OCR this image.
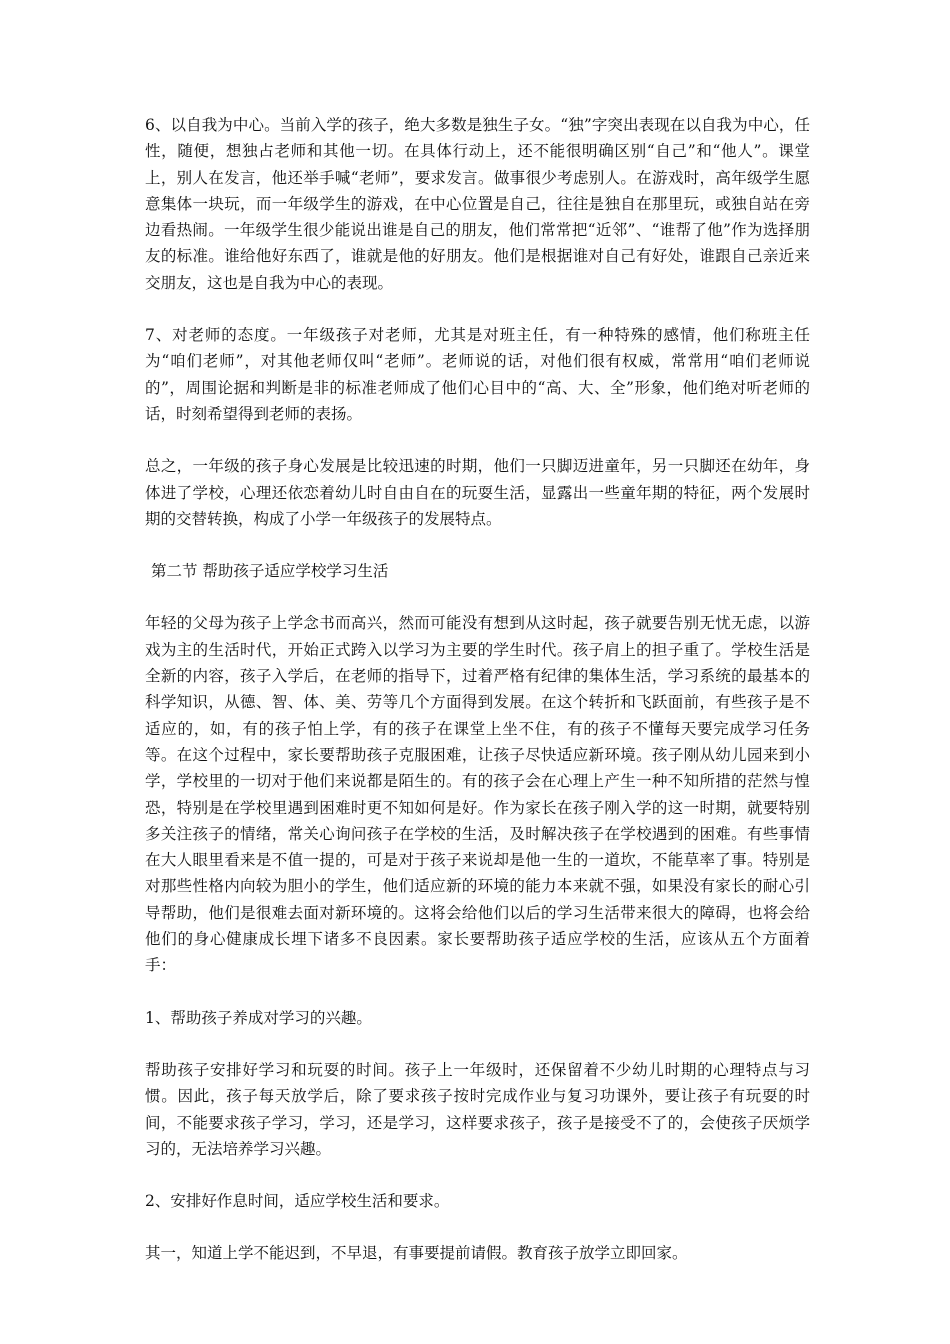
6、以自我为中心。当前入学的孩子，绝大多数是独生子女。“独”字突出表现在以自我为中心，任性，随便，想独占老师和其他一切。在具体行动上，还不能很明确区别“自己”和“他人”。课堂上，别人在发言，他还举手喊“老师”，要求发言。做事很少考虑别人。在游戏时，高年级学生愿意集体一块玩，而一年级学生的游戏，在中心位置是自己，往往是独自在那里玩，或独自站在旁边看热闹。一年级学生很少能说出谁是自己的朋友，他们常常把“近邻”、“谁帮了他”作为选择朋友的标准。谁给他好东西了，谁就是他的好朋友。他们是根据谁对自己有好处，谁跟自己亲近来交朋友，这也是自我为中心的表现。

7、对老师的态度。一年级孩子对老师，尤其是对班主任，有一种特殊的感情，他们称班主任为“咱们老师”，对其他老师仅叫“老师”。老师说的话，对他们很有权威，常常用“咱们老师说的”，周围论据和判断是非的标准老师成了他们心目中的“高、大、全”形象，他们绝对听老师的话，时刻希望得到老师的表扬。

总之，一年级的孩子身心发展是比较迅速的时期，他们一只脚迈进童年，另一只脚还在幼年，身体进了学校，心理还依恋着幼儿时自由自在的玩耍生活，显露出一些童年期的特征，两个发展时期的交替转换，构成了小学一年级孩子的发展特点。

第二节 帮助孩子适应学校学习生活

年轻的父母为孩子上学念书而高兴，然而可能没有想到从这时起，孩子就要告别无忧无虑，以游戏为主的生活时代，开始正式跨入以学习为主要的学生时代。孩子肩上的担子重了。学校生活是全新的内容，孩子入学后，在老师的指导下，过着严格有纪律的集体生活，学习系统的最基本的科学知识，从德、智、体、美、劳等几个方面得到发展。在这个转折和飞跃面前，有些孩子是不适应的，如，有的孩子怕上学，有的孩子在课堂上坐不住，有的孩子不懂每天要完成学习任务等。在这个过程中，家长要帮助孩子克服困难，让孩子尽快适应新环境。孩子刚从幼儿园来到小学，学校里的一切对于他们来说都是陌生的。有的孩子会在心理上产生一种不知所措的茫然与惶恐，特别是在学校里遇到困难时更不知如何是好。作为家长在孩子刚入学的这一时期，就要特别多关注孩子的情绪，常关心询问孩子在学校的生活，及时解决孩子在学校遇到的困难。有些事情在大人眼里看来是不值一提的，可是对于孩子来说却是他一生的一道坎，不能草率了事。特别是对那些性格内向较为胆小的学生，他们适应新的环境的能力本来就不强，如果没有家长的耐心引导帮助，他们是很难去面对新环境的。这将会给他们以后的学习生活带来很大的障碍，也将会给他们的身心健康成长埋下诸多不良因素。家长要帮助孩子适应学校的生活，应该从五个方面着手：

1、帮助孩子养成对学习的兴趣。

帮助孩子安排好学习和玩耍的时间。孩子上一年级时，还保留着不少幼儿时期的心理特点与习惯。因此，孩子每天放学后，除了要求孩子按时完成作业与复习功课外，要让孩子有玩耍的时间，不能要求孩子学习，学习，还是学习，这样要求孩子，孩子是接受不了的，会使孩子厌烦学习的，无法培养学习兴趣。

2、安排好作息时间，适应学校生活和要求。

其一，知道上学不能迟到，不早退，有事要提前请假。教育孩子放学立即回家。
